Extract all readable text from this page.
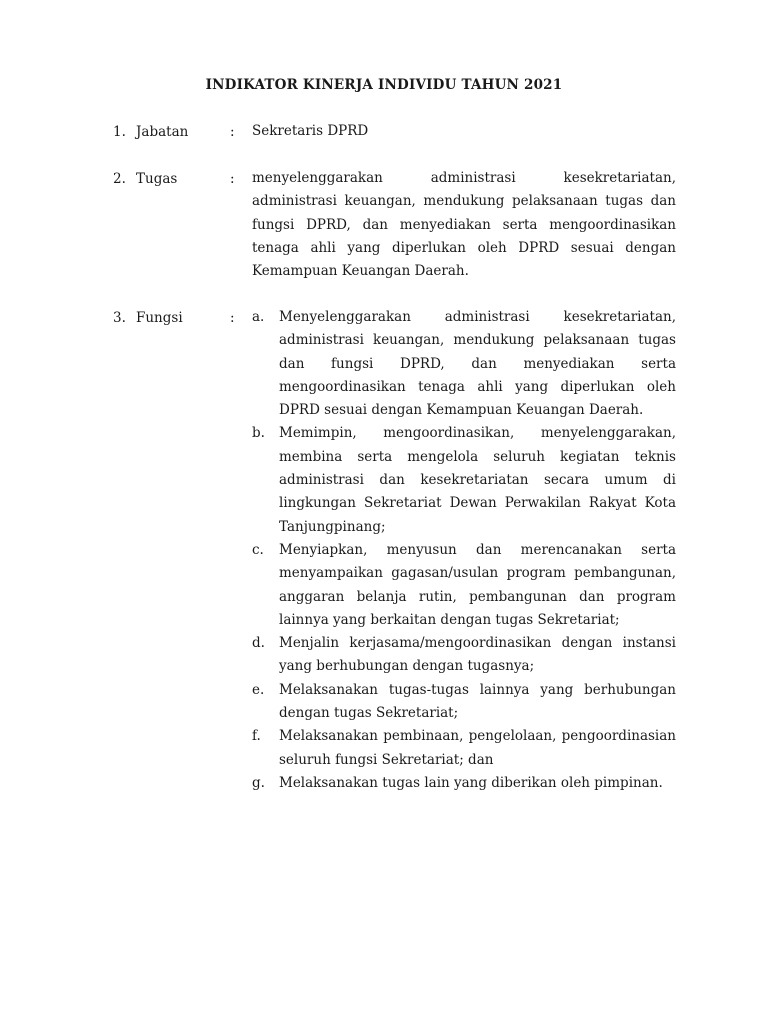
INDIKATOR KINERJA INDIVIDU TAHUN 2021
1. Jabatan	: Sekretaris DPRD

2. Tugas	: menyelenggarakan administrasi kesekretariatan, administrasi keuangan, mendukung pelaksanaan tugas dan fungsi DPRD, dan menyediakan serta mengoordinasikan tenaga ahli yang diperlukan oleh DPRD sesuai dengan Kemampuan Keuangan Daerah.

3. Fungsi	: a.	Menyelenggarakan administrasi kesekretariatan, administrasi keuangan, mendukung pelaksanaan tugas dan fungsi DPRD, dan menyediakan serta mengoordinasikan tenaga ahli yang diperlukan oleh DPRD sesuai dengan Kemampuan Keuangan Daerah.
b.	Memimpin, mengoordinasikan, menyelenggarakan, membina serta mengelola seluruh kegiatan teknis administrasi dan kesekretariatan secara umum di lingkungan Sekretariat Dewan Perwakilan Rakyat Kota Tanjungpinang;
c.	Menyiapkan, menyusun dan merencanakan serta menyampaikan gagasan/usulan program pembangunan, anggaran belanja rutin, pembangunan dan program lainnya yang berkaitan dengan tugas Sekretariat;
d.	Menjalin kerjasama/mengoordinasikan dengan instansi yang berhubungan dengan tugasnya;
e.	Melaksanakan tugas-tugas lainnya yang berhubungan dengan tugas Sekretariat;
f.	Melaksanakan pembinaan, pengelolaan, pengoordinasian seluruh fungsi Sekretariat; dan
g.	Melaksanakan tugas lain yang diberikan oleh pimpinan.
